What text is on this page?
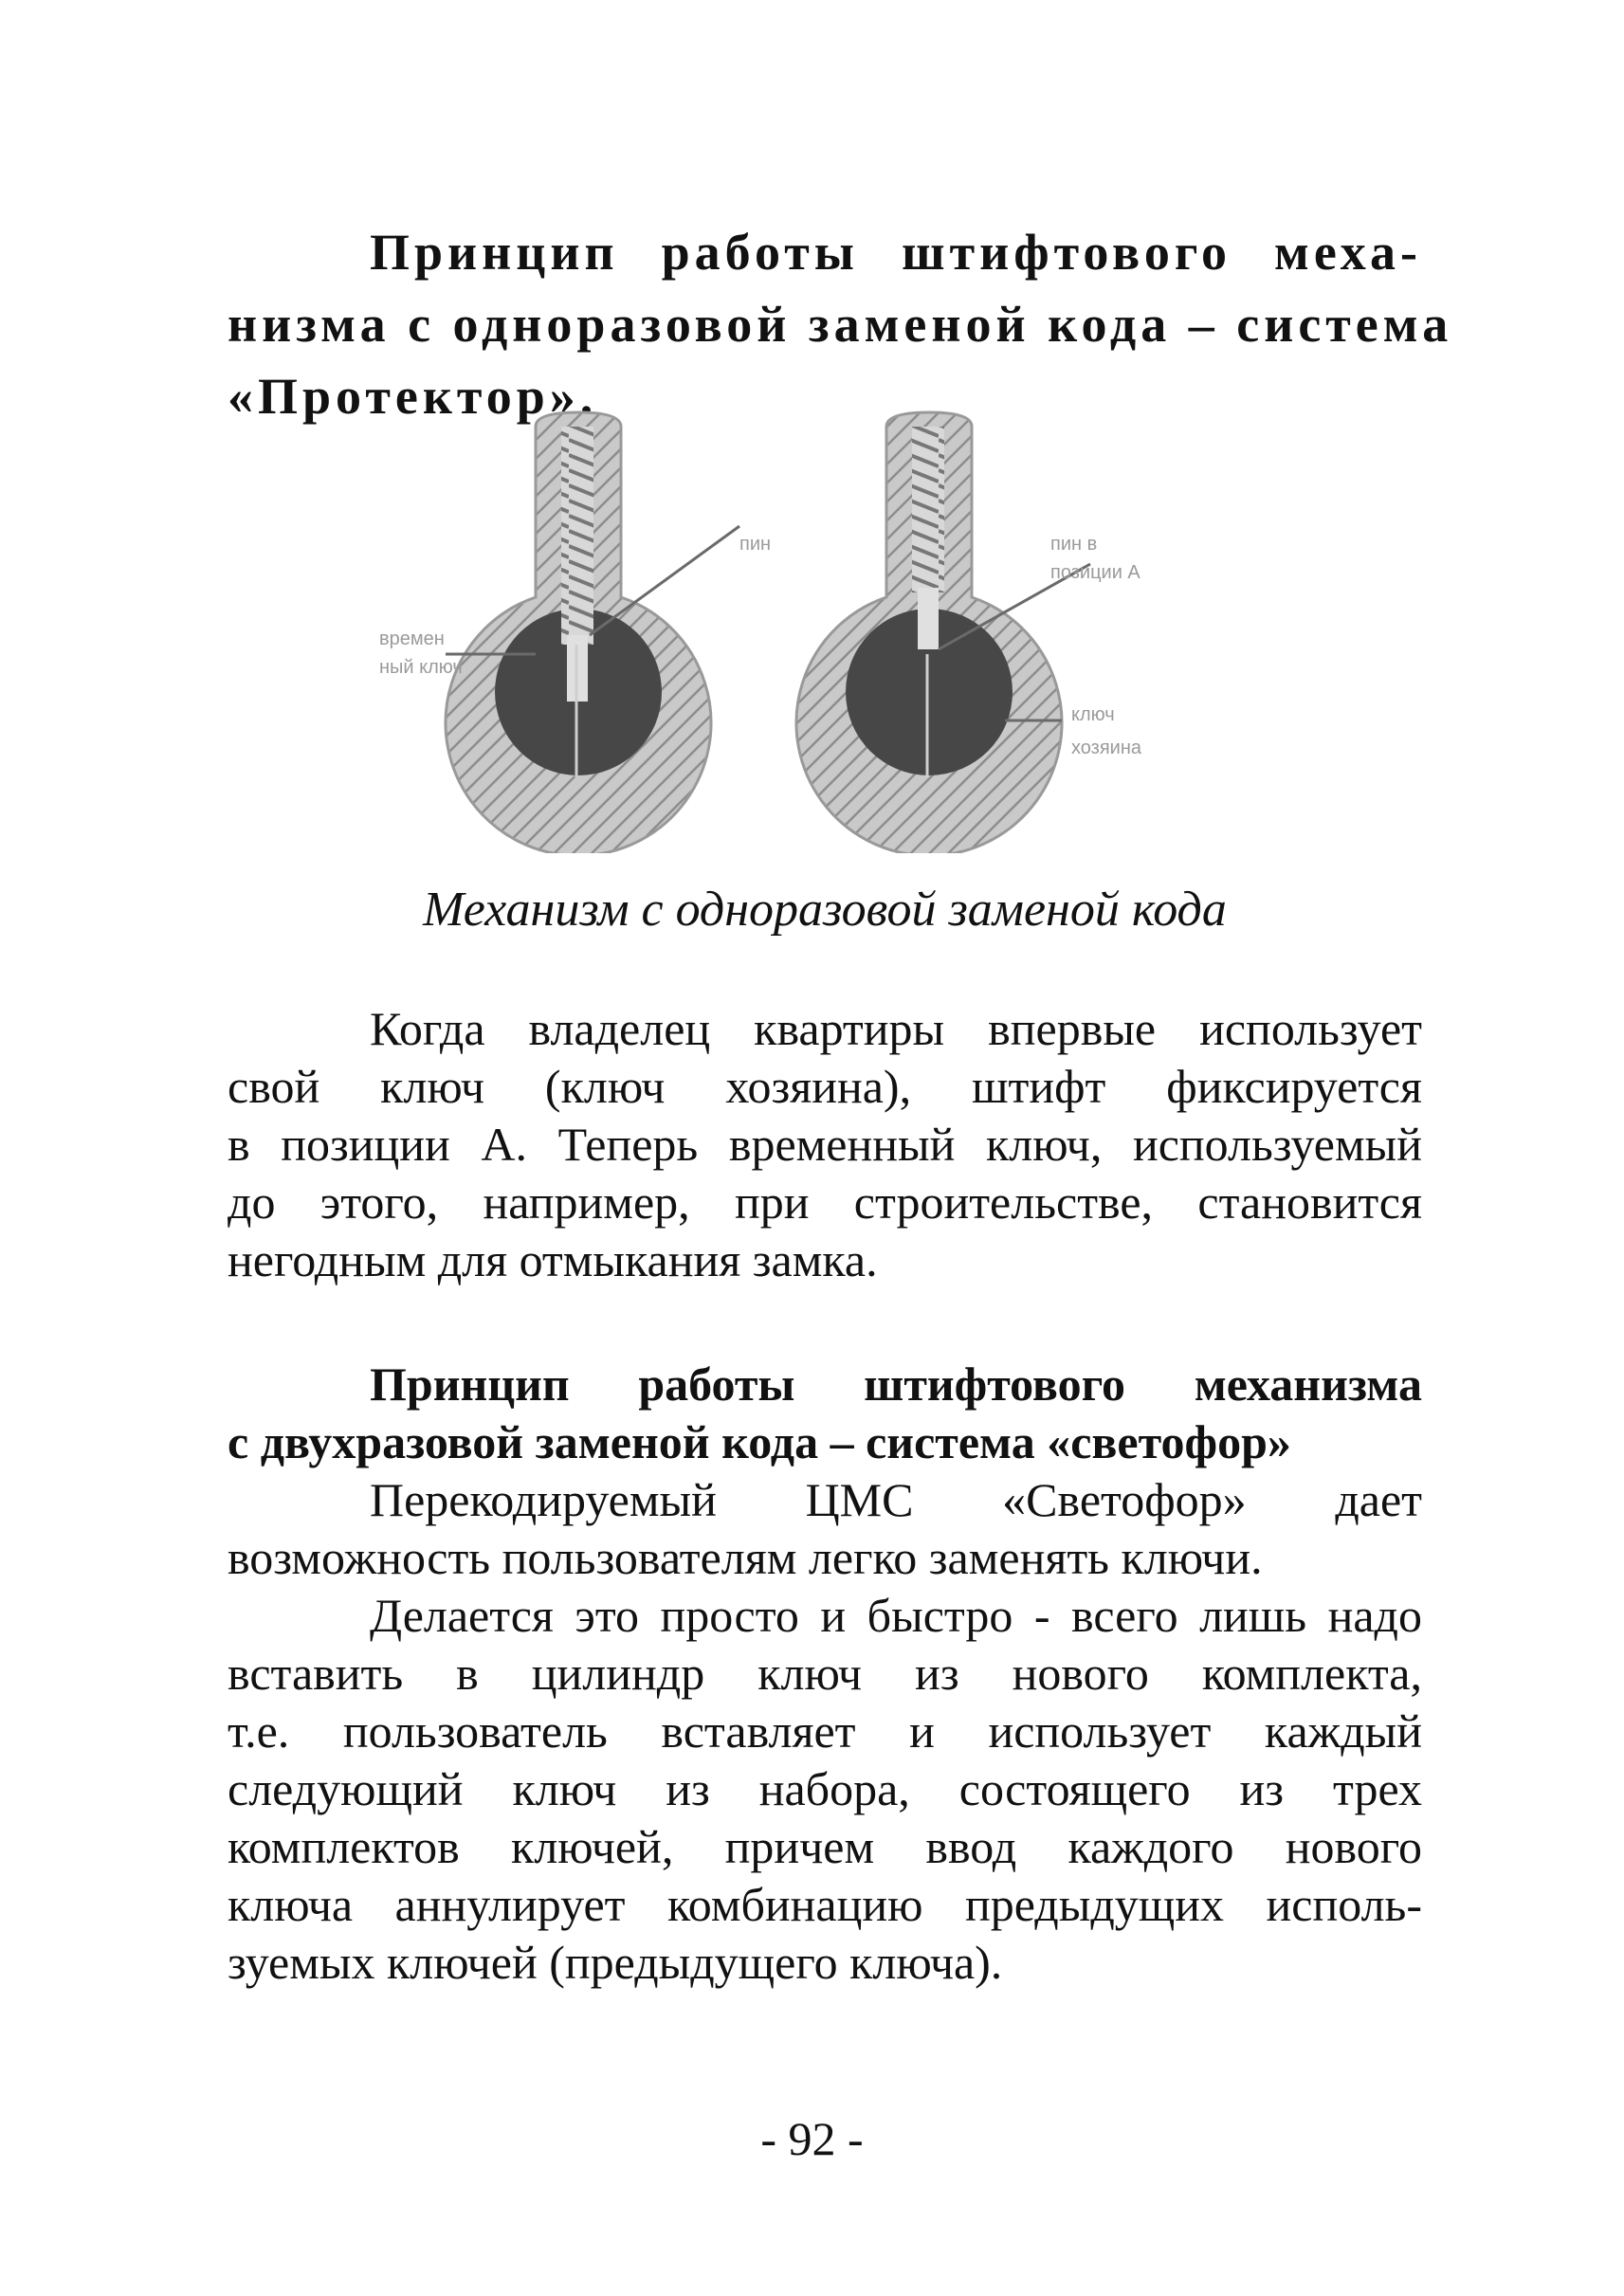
Принцип работы штифтового меха-
низма с одноразовой заменой кода – система
«Протектор».
пин	пин в
позиции А
времен
ный ключ
ключ
хозяина
Механизм с одноразовой заменой кода

Когда владелец квартиры впервые использует
свой ключ (ключ хозяина), штифт фиксируется
в позиции А. Теперь временный ключ, используемый
до этого, например, при строительстве, становится
негодным для отмыкания замка.

Принцип работы штифтового механизма
с двухразовой заменой кода – система «светофор»

Перекодируемый ЦМС «Светофор» дает
возможность пользователям легко заменять ключи.

Делается это просто и быстро - всего лишь надо
вставить в цилиндр ключ из нового комплекта,
т.е. пользователь вставляет и использует каждый
следующий ключ из набора, состоящего из трех
комплектов ключей, причем ввод каждого нового
ключа аннулирует комбинацию предыдущих исполь-
зуемых ключей (предыдущего ключа).

- 92 -
